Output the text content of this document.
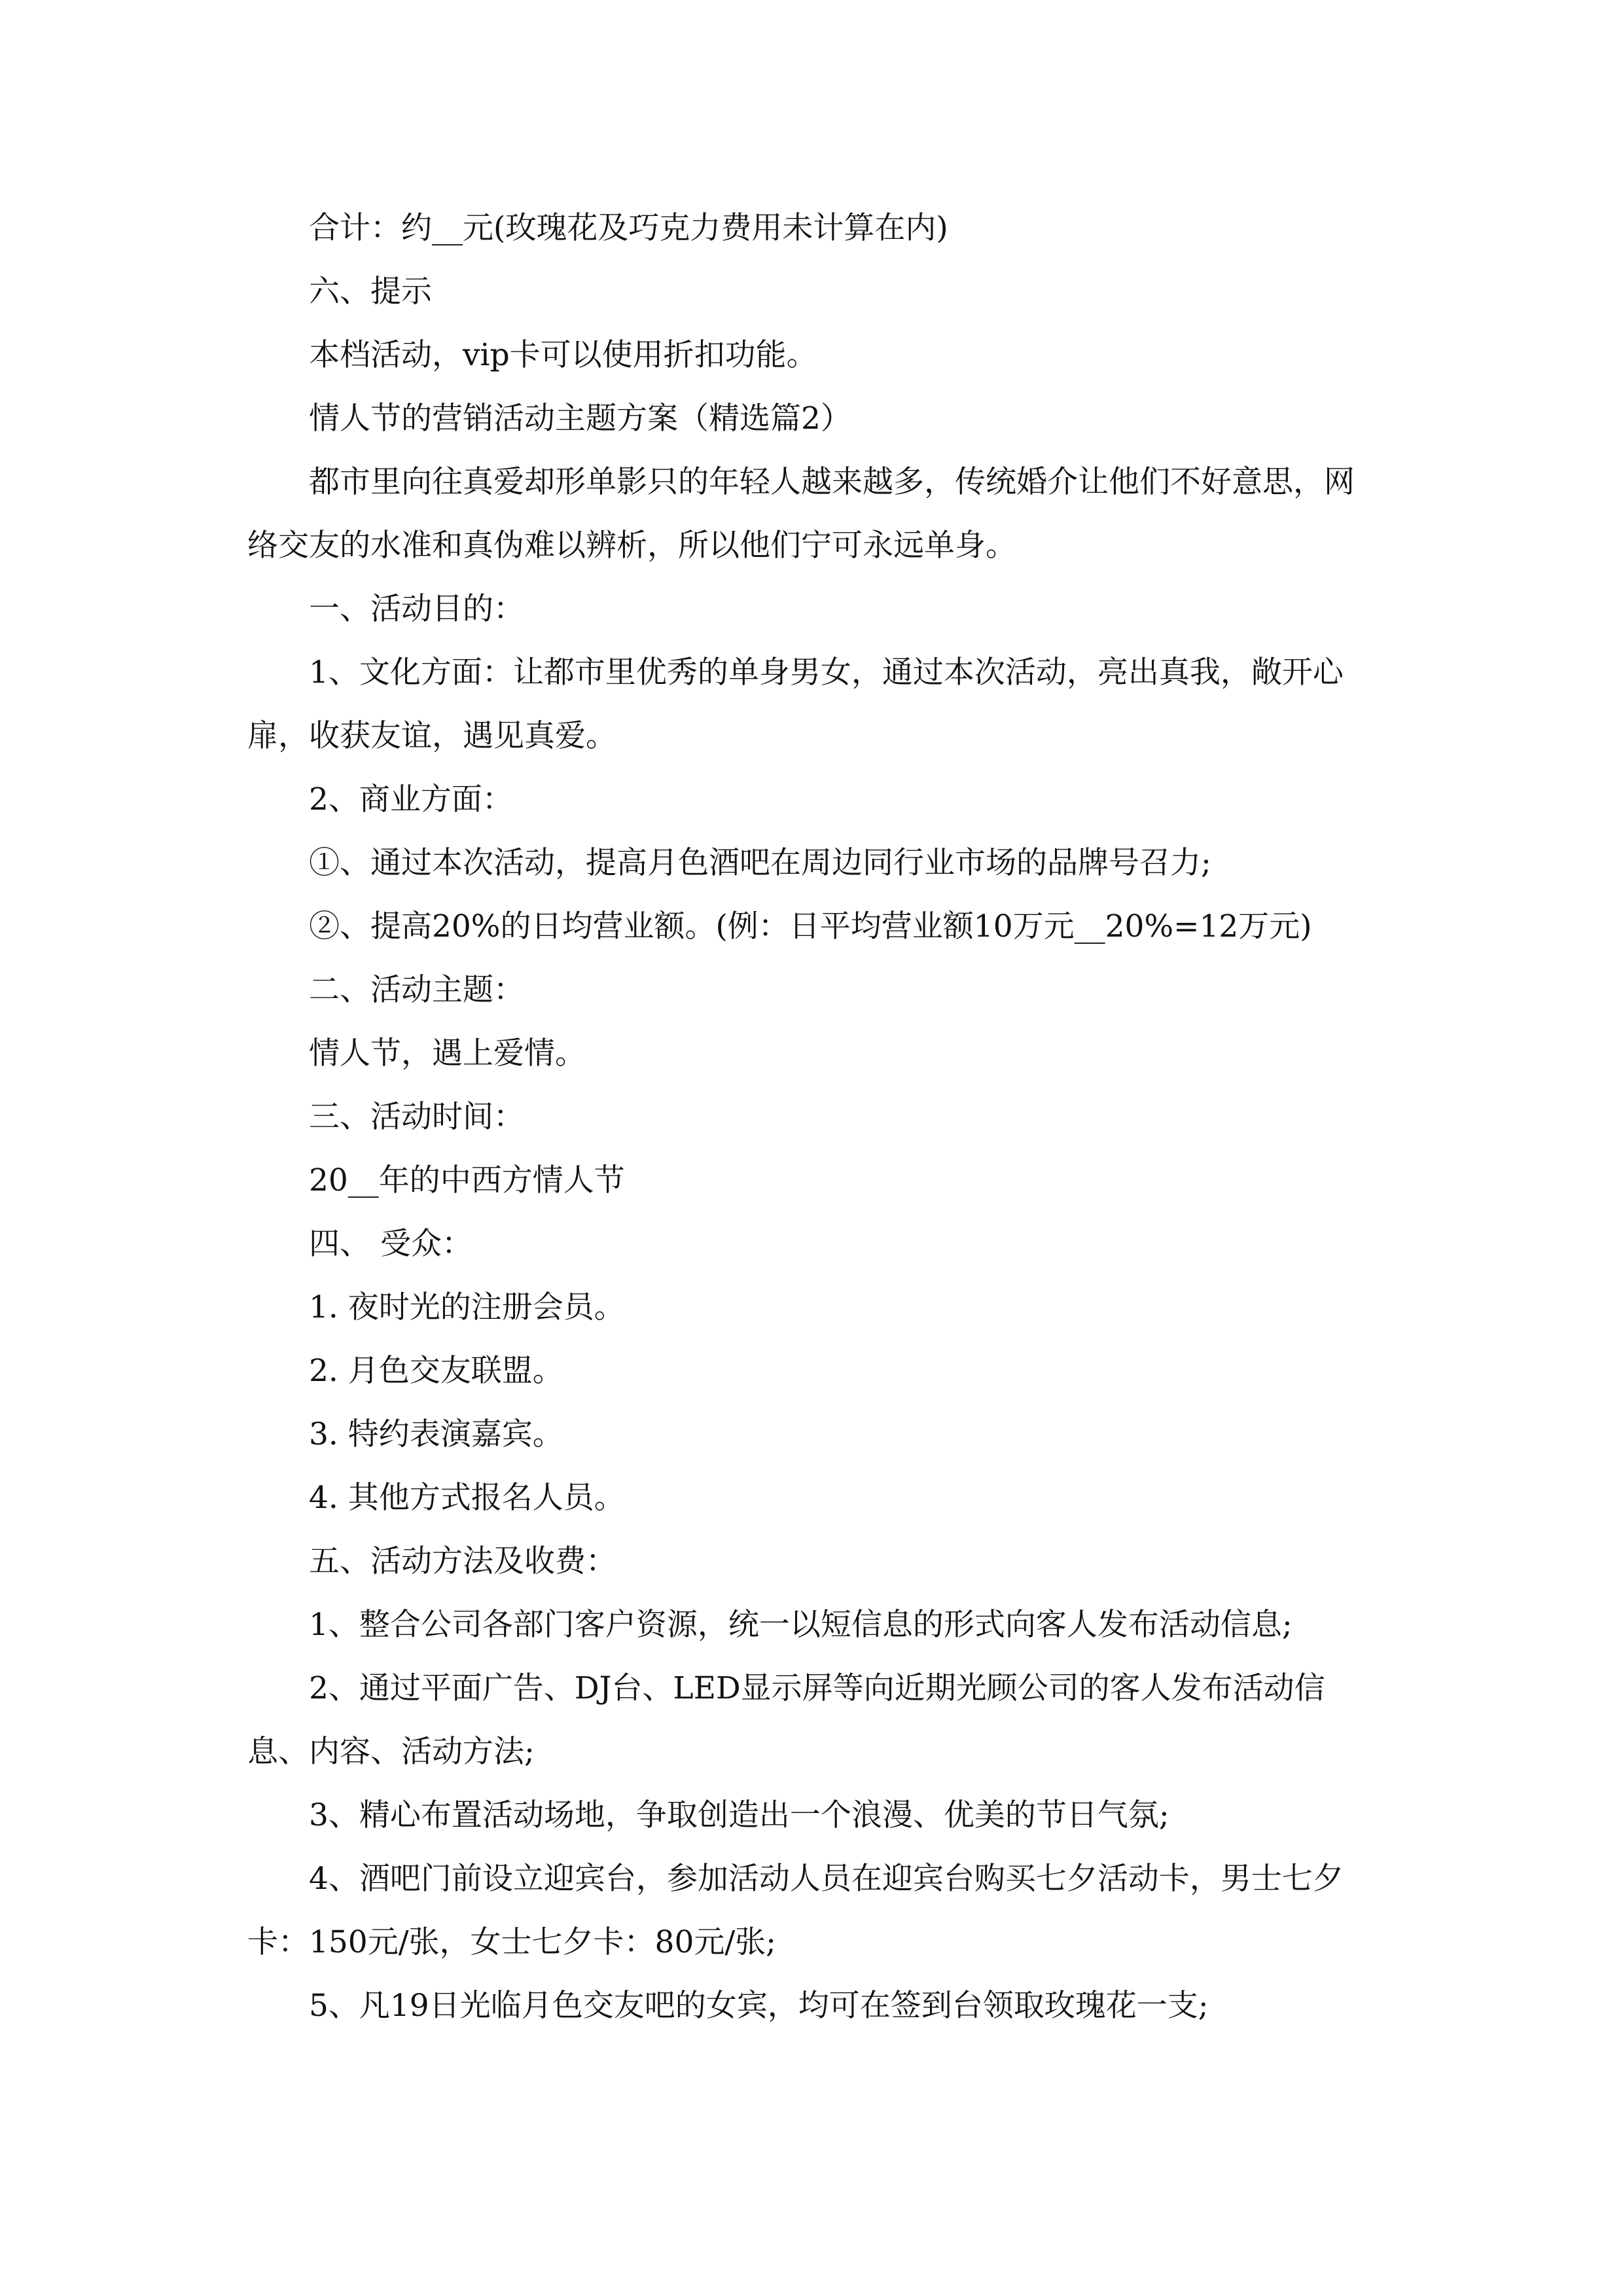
合计：约__元(玫瑰花及巧克力费用未计算在内)

六、提示

本档活动，vip卡可以使用折扣功能。

情人节的营销活动主题方案（精选篇2）

都市里向往真爱却形单影只的年轻人越来越多，传统婚介让他们不好意思，网络交友的水准和真伪难以辨析，所以他们宁可永远单身。

一、活动目的：

1、文化方面：让都市里优秀的单身男女，通过本次活动，亮出真我，敞开心扉，收获友谊，遇见真爱。

2、商业方面：

①、通过本次活动，提高月色酒吧在周边同行业市场的品牌号召力;

②、提高20%的日均营业额。(例：日平均营业额10万元__20%=12万元)

二、活动主题：

情人节，遇上爱情。

三、活动时间：

20__年的中西方情人节

四、 受众：

1. 夜时光的注册会员。

2. 月色交友联盟。

3. 特约表演嘉宾。

4. 其他方式报名人员。

五、活动方法及收费：

1、整合公司各部门客户资源，统一以短信息的形式向客人发布活动信息;

2、通过平面广告、DJ台、LED显示屏等向近期光顾公司的客人发布活动信息、内容、活动方法;

3、精心布置活动场地，争取创造出一个浪漫、优美的节日气氛;

4、酒吧门前设立迎宾台，参加活动人员在迎宾台购买七夕活动卡，男士七夕卡：150元/张，女士七夕卡：80元/张;

5、凡19日光临月色交友吧的女宾，均可在签到台领取玫瑰花一支;
